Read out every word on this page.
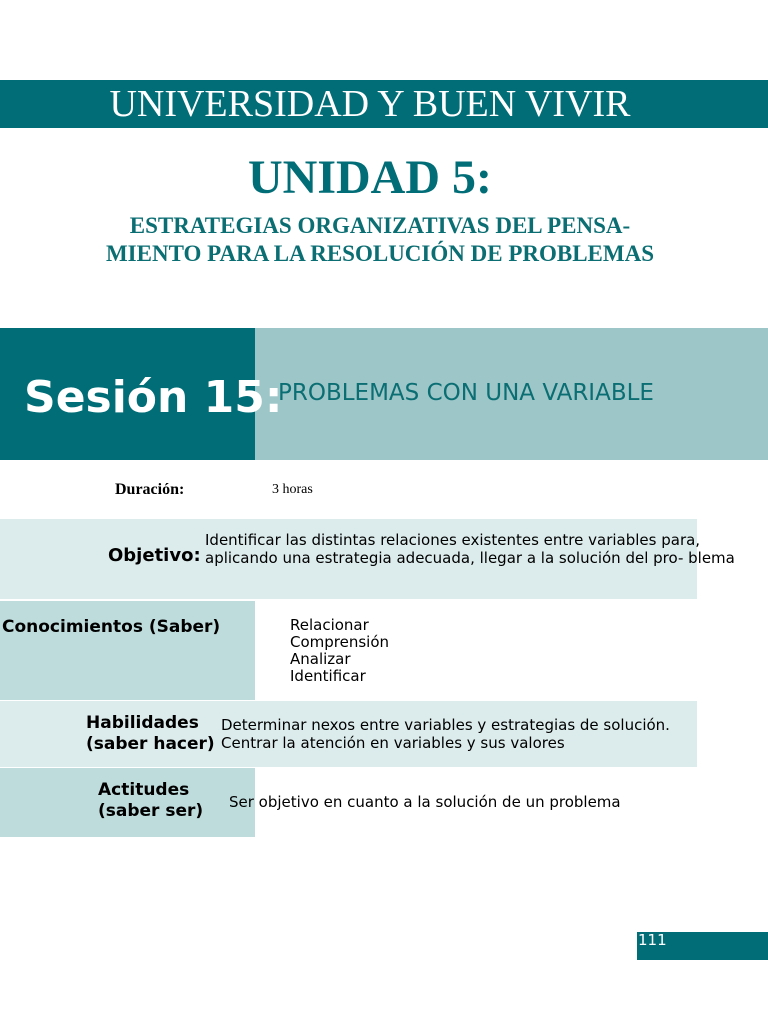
UNIVERSIDAD Y BUEN VIVIR
UNIDAD 5:
ESTRATEGIAS ORGANIZATIVAS DEL PENSA-
MIENTO PARA LA RESOLUCIÓN DE PROBLEMAS
Sesión 15:
PROBLEMAS CON UNA VARIABLE
Duración:	3 horas
Objetivo:
Identificar las distintas relaciones existentes entre variables para,
aplicando una estrategia adecuada, llegar a la solución del pro- blema
Conocimientos (Saber)	Relacionar
Comprensión
Analizar
Identificar
Habilidades
(saber hacer)
Determinar nexos entre variables y estrategias de solución.
Centrar la atención en variables y sus valores
Actitudes
(saber ser) Ser objetivo en cuanto a la solución de un problema
111
